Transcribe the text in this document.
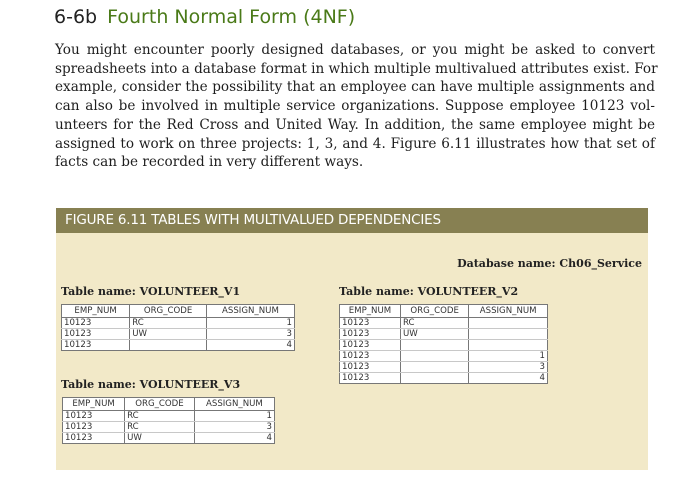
6-6b Fourth Normal Form (4NF)
You might encounter poorly designed databases, or you might be asked to convert
spreadsheets into a database format in which multiple multivalued attributes exist. For
example, consider the possibility that an employee can have multiple assignments and
can also be involved in multiple service organizations. Suppose employee 10123 vol-
unteers for the Red Cross and United Way. In addition, the same employee might be
assigned to work on three projects: 1, 3, and 4. Figure 6.11 illustrates how that set of
facts can be recorded in very different ways.
FIGURE 6.11 TABLES WITH MULTIVALUED DEPENDENCIES
Database name: Ch06_Service
Table name: VOLUNTEER_V1
EMP_NUM	ORG_CODE	ASSIGN_NUM
10123	RC	1
10123	UW	3
10123		4
Table name: VOLUNTEER_V2
EMP_NUM	ORG_CODE	ASSIGN_NUM
10123	RC	
10123	UW	
10123		
10123		1
10123		3
10123		4
Table name: VOLUNTEER_V3
EMP_NUM	ORG_CODE	ASSIGN_NUM
10123	RC	1
10123	RC	3
10123	UW	4
